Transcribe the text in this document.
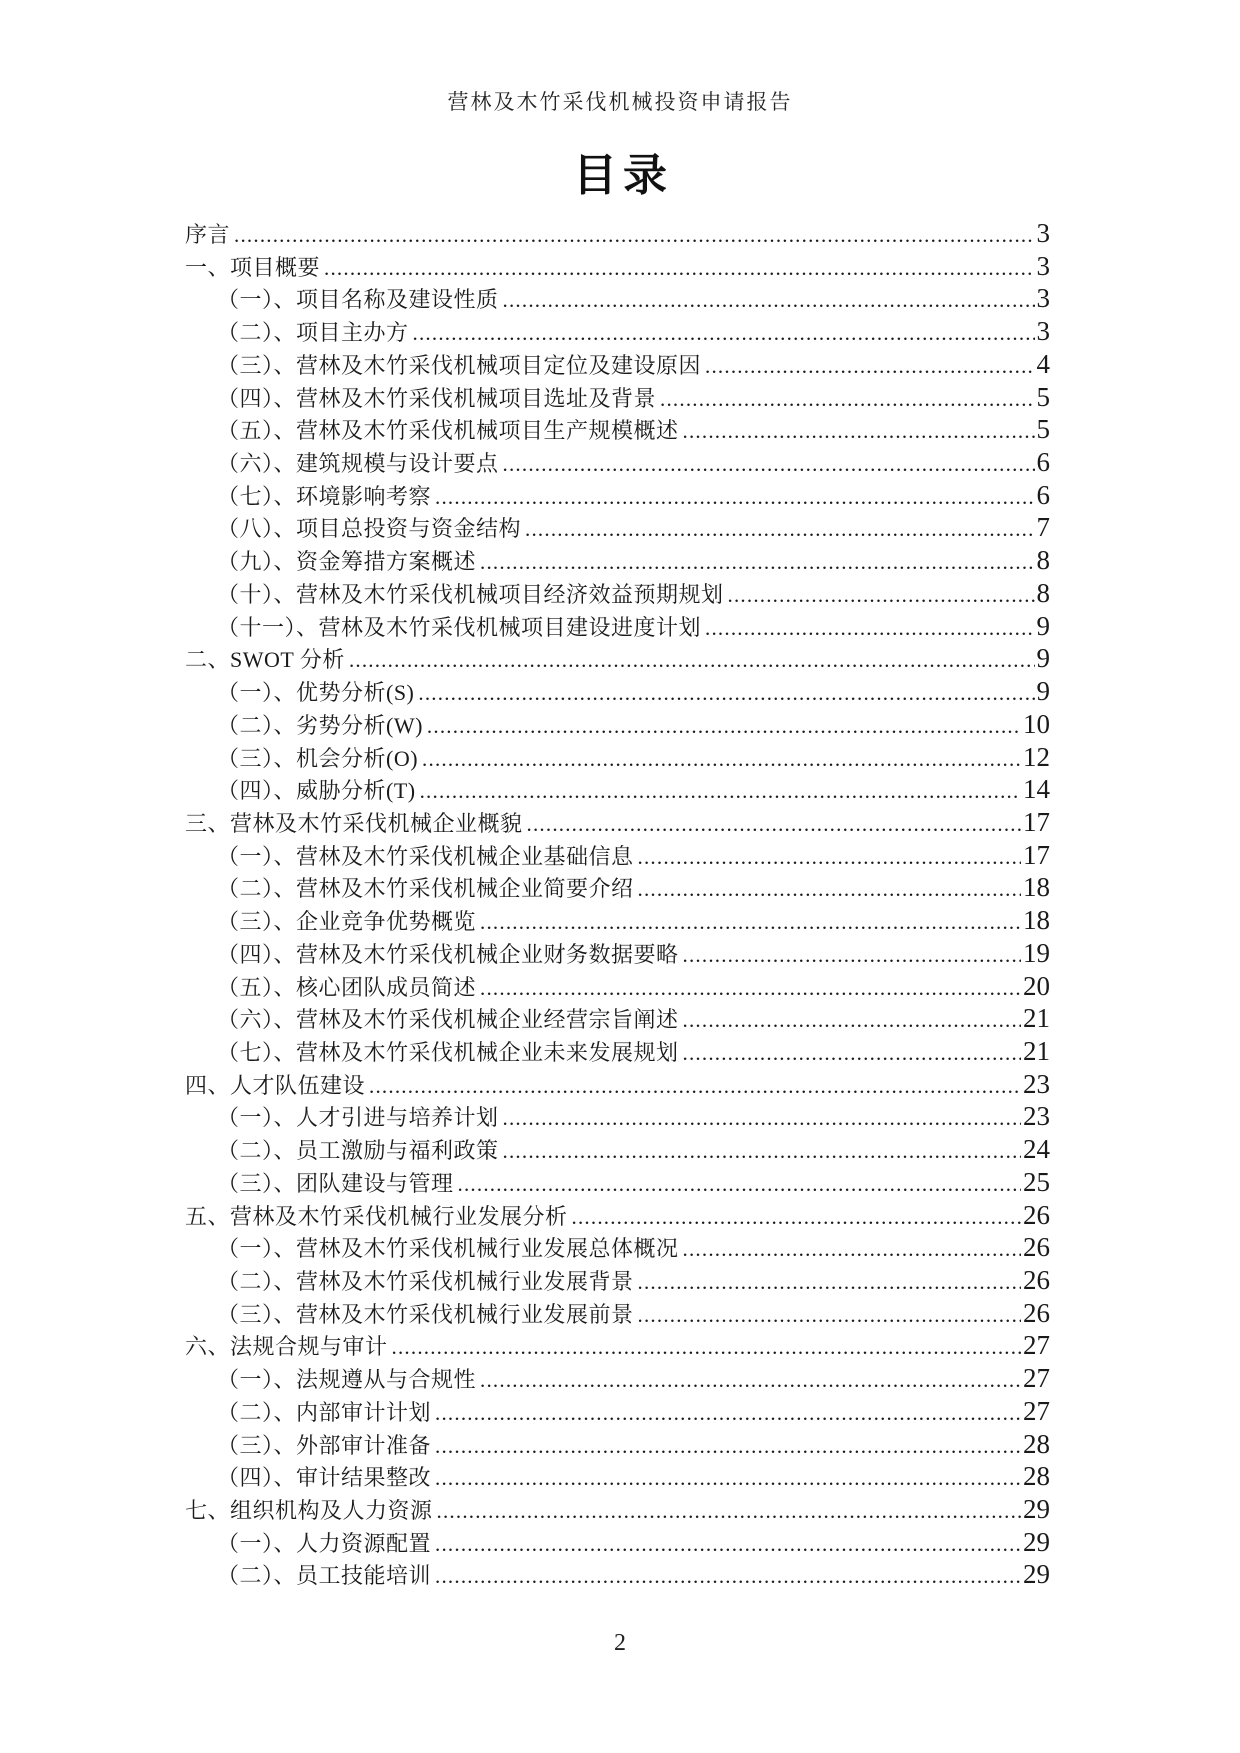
营林及木竹采伐机械投资申请报告
目录
序言 .....	3
一、项目概要 .....	3
（一）、项目名称及建设性质 .....	3
（二）、项目主办方 .....	3
（三）、营林及木竹采伐机械项目定位及建设原因 .....	4
（四）、营林及木竹采伐机械项目选址及背景 .....	5
（五）、营林及木竹采伐机械项目生产规模概述 .....	5
（六）、建筑规模与设计要点 .....	6
（七）、环境影响考察 .....	6
（八）、项目总投资与资金结构 .....	7
（九）、资金筹措方案概述 .....	8
（十）、营林及木竹采伐机械项目经济效益预期规划 .....	8
（十一）、营林及木竹采伐机械项目建设进度计划 .....	9
二、SWOT 分析 .....	9
（一）、优势分析(S) .....	9
（二）、劣势分析(W) .....	10
（三）、机会分析(O) .....	12
（四）、威胁分析(T) .....	14
三、营林及木竹采伐机械企业概貌 .....	17
（一）、营林及木竹采伐机械企业基础信息 .....	17
（二）、营林及木竹采伐机械企业简要介绍 .....	18
（三）、企业竞争优势概览 .....	18
（四）、营林及木竹采伐机械企业财务数据要略 .....	19
（五）、核心团队成员简述 .....	20
（六）、营林及木竹采伐机械企业经营宗旨阐述 .....	21
（七）、营林及木竹采伐机械企业未来发展规划 .....	21
四、人才队伍建设 .....	23
（一）、人才引进与培养计划 .....	23
（二）、员工激励与福利政策 .....	24
（三）、团队建设与管理 .....	25
五、营林及木竹采伐机械行业发展分析 .....	26
（一）、营林及木竹采伐机械行业发展总体概况 .....	26
（二）、营林及木竹采伐机械行业发展背景 .....	26
（三）、营林及木竹采伐机械行业发展前景 .....	26
六、法规合规与审计 .....	27
（一）、法规遵从与合规性 .....	27
（二）、内部审计计划 .....	27
（三）、外部审计准备 .....	28
（四）、审计结果整改 .....	28
七、组织机构及人力资源 .....	29
（一）、人力资源配置 .....	29
（二）、员工技能培训 .....	29
2
